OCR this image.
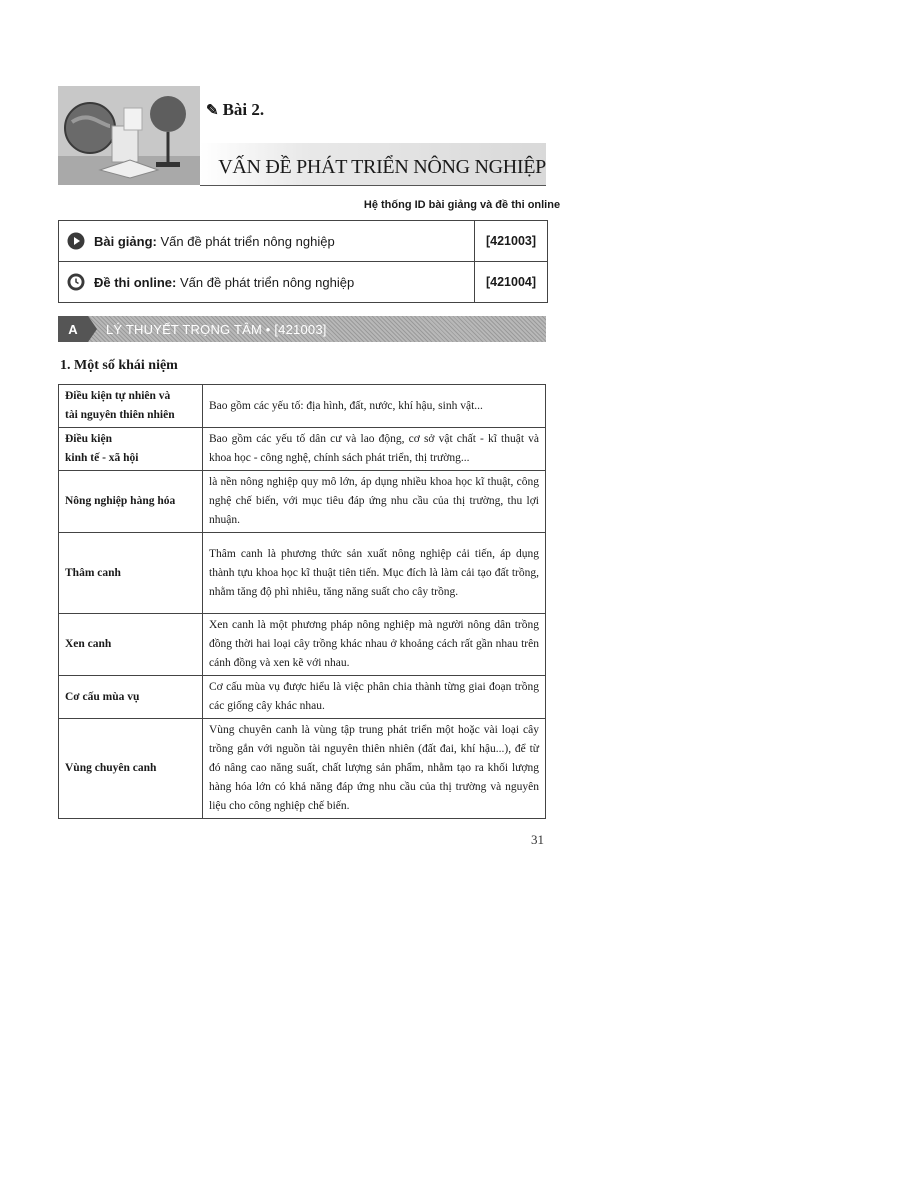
✎ Bài 2.
VẤN ĐỀ PHÁT TRIỂN NÔNG NGHIỆP
Hệ thống ID bài giảng và đề thi online
Bài giảng: Vấn đề phát triển nông nghiệp	[421003]
Đề thi online: Vấn đề phát triển nông nghiệp	[421004]
A	LÝ THUYẾT TRỌNG TÂM • [421003]
1. Một số khái niệm
Điều kiện tự nhiên và
tài nguyên thiên nhiên	Bao gồm các yếu tố: địa hình, đất, nước, khí hậu, sinh vật...

Điều kiện
kinh tế - xã hội	Bao gồm các yếu tố dân cư và lao động, cơ sở vật chất - kĩ thuật và khoa học - công nghệ, chính sách phát triển, thị trường...

Nông nghiệp hàng hóa	là nền nông nghiệp quy mô lớn, áp dụng nhiều khoa học kĩ thuật, công nghệ chế biến, với mục tiêu đáp ứng nhu cầu của thị trường, thu lợi nhuận.

Thâm canh	Thâm canh là phương thức sản xuất nông nghiệp cải tiến, áp dụng thành tựu khoa học kĩ thuật tiên tiến. Mục đích là làm cải tạo đất trồng, nhằm tăng độ phì nhiêu, tăng năng suất cho cây trồng.

Xen canh	Xen canh là một phương pháp nông nghiệp mà người nông dân trồng đồng thời hai loại cây trồng khác nhau ở khoảng cách rất gần nhau trên cánh đồng và xen kẽ với nhau.

Cơ cấu mùa vụ	Cơ cấu mùa vụ được hiểu là việc phân chia thành từng giai đoạn trồng các giống cây khác nhau.

Vùng chuyên canh	Vùng chuyên canh là vùng tập trung phát triển một hoặc vài loại cây trồng gắn với nguồn tài nguyên thiên nhiên (đất đai, khí hậu...), để từ đó nâng cao năng suất, chất lượng sản phẩm, nhằm tạo ra khối lượng hàng hóa lớn có khả năng đáp ứng nhu cầu của thị trường và nguyên liệu cho công nghiệp chế biến.
31
